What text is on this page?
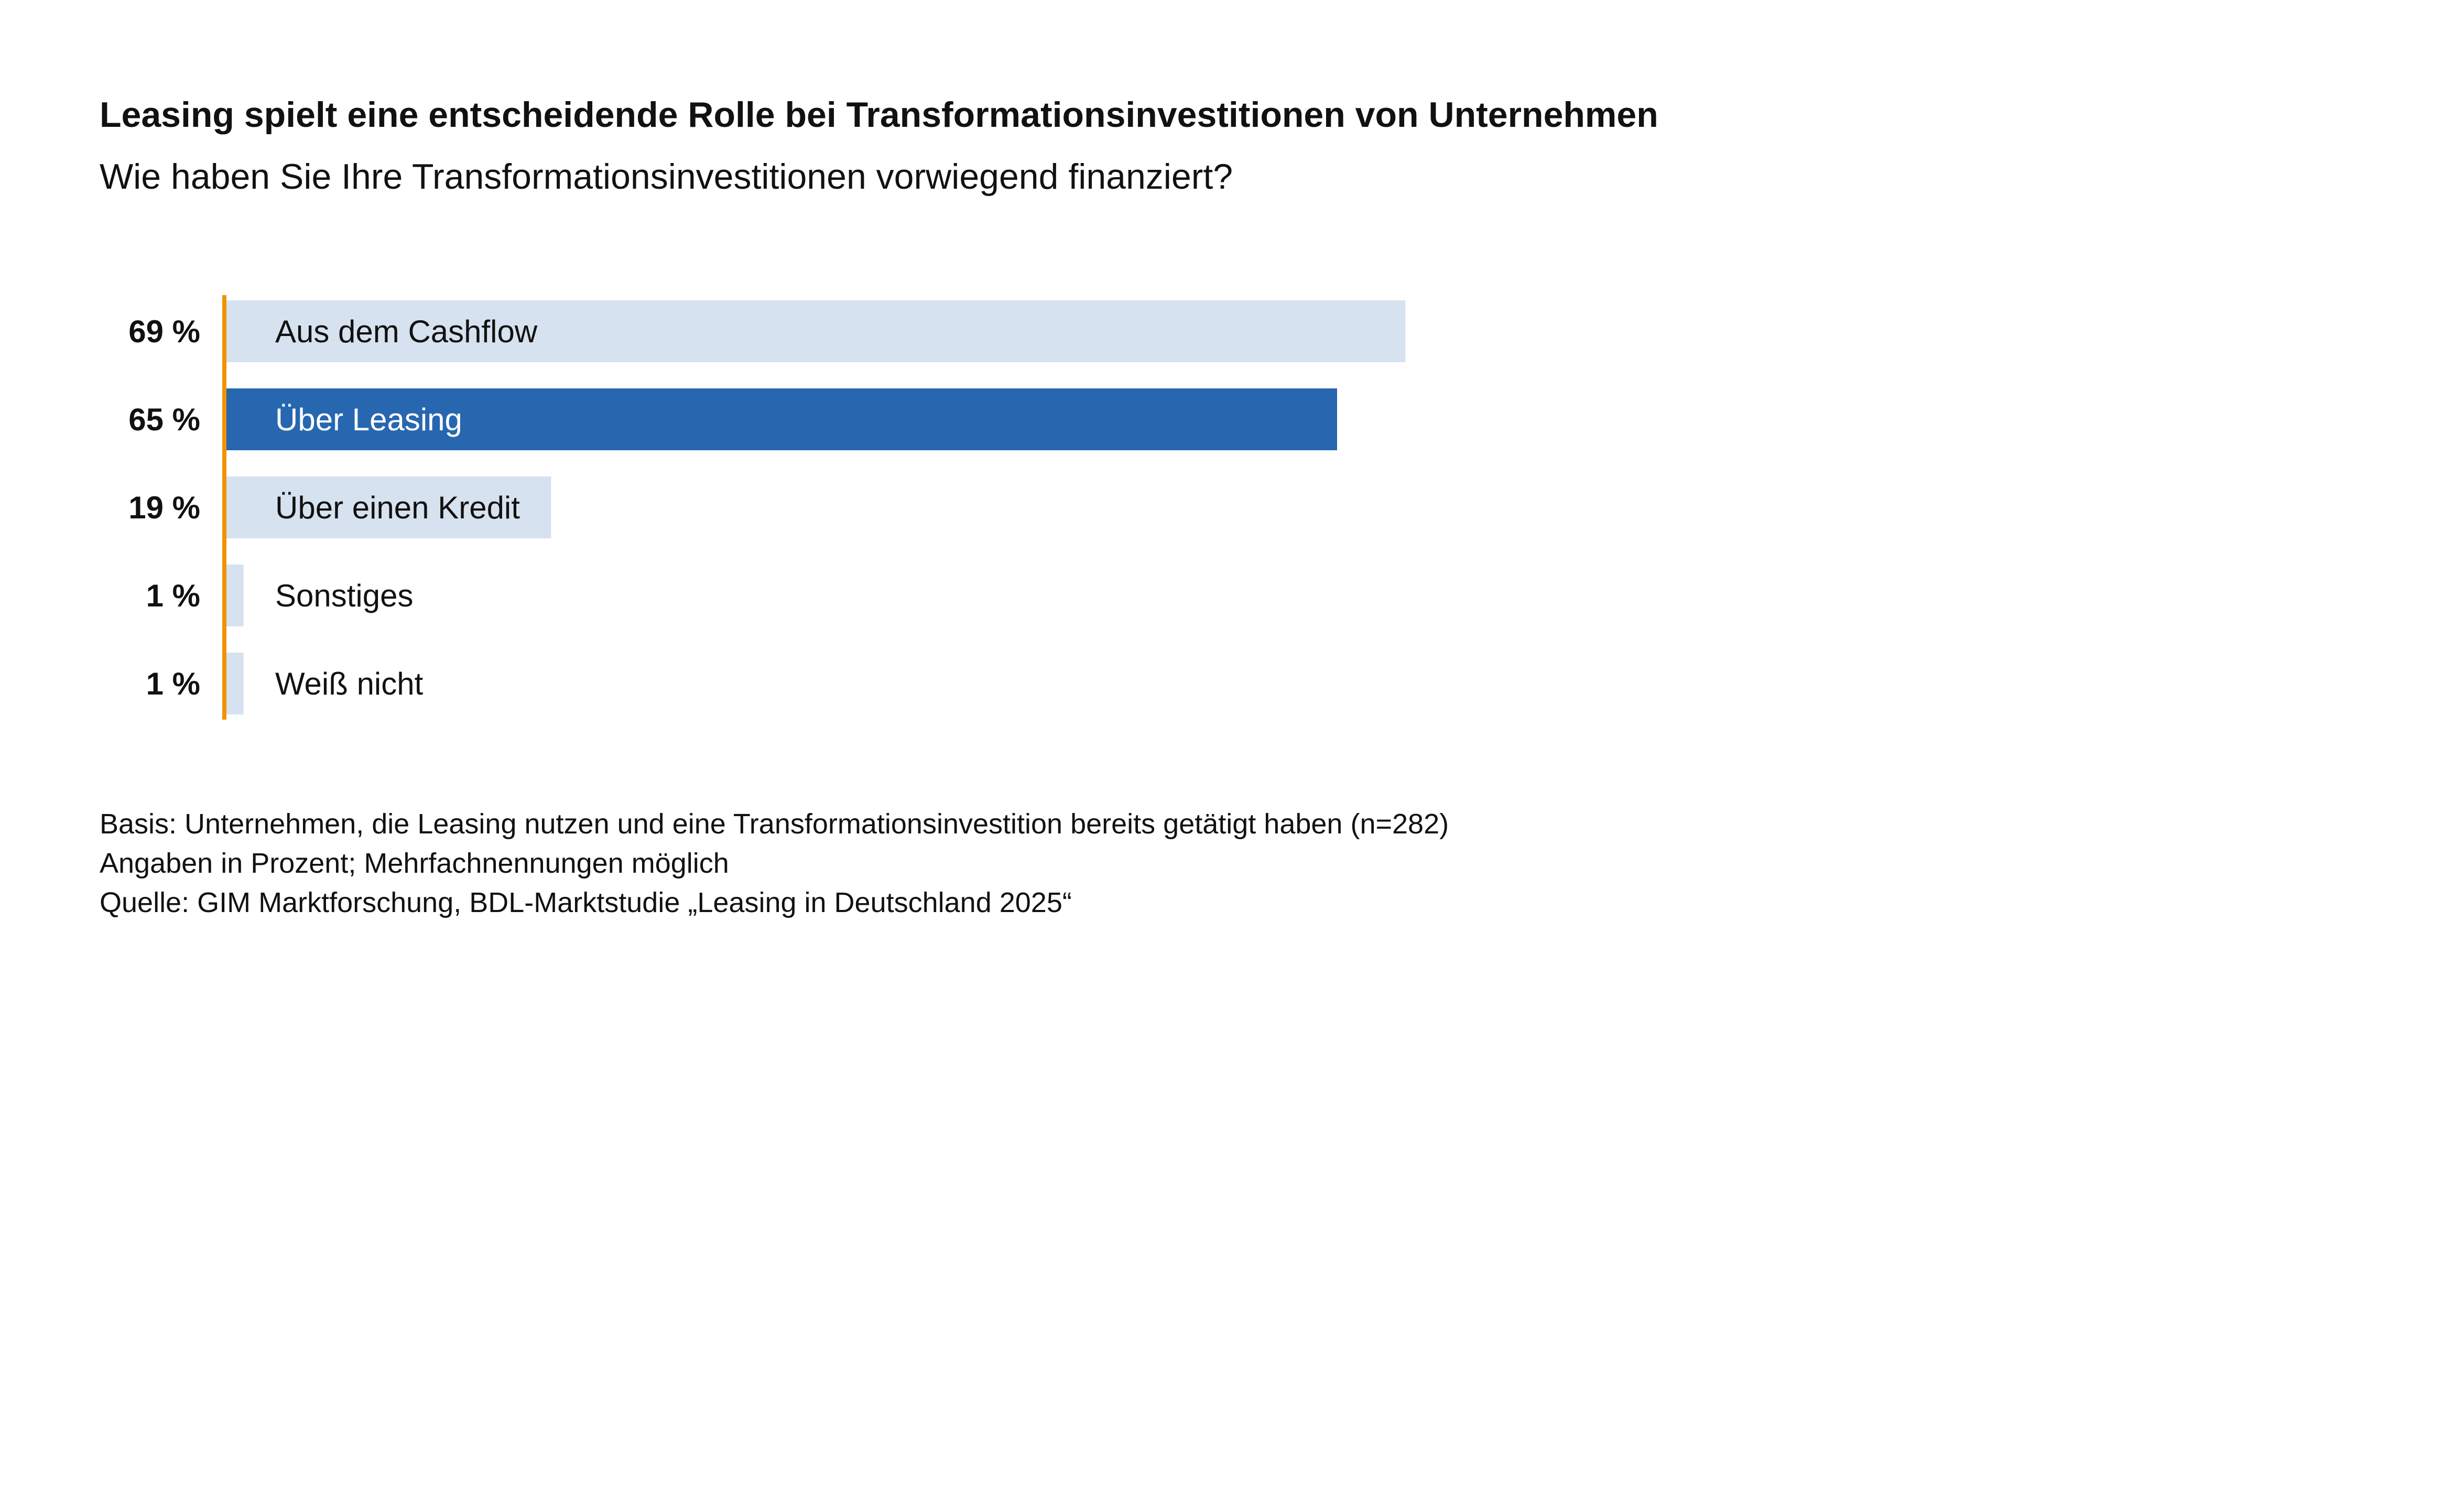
Leasing spielt eine entscheidende Rolle bei Transformationsinvestitionen von Unternehmen
Wie haben Sie Ihre Transformationsinvestitionen vorwiegend finanziert?
69 % Aus dem Cashflow
65 % Über Leasing
19 % Über einen Kredit
1 % Sonstiges
1 % Weiß nicht
Basis: Unternehmen, die Leasing nutzen und eine Transformationsinvestition bereits getätigt haben (n=282)
Angaben in Prozent; Mehrfachnennungen möglich
Quelle: GIM Marktforschung, BDL-Marktstudie „Leasing in Deutschland 2025“
